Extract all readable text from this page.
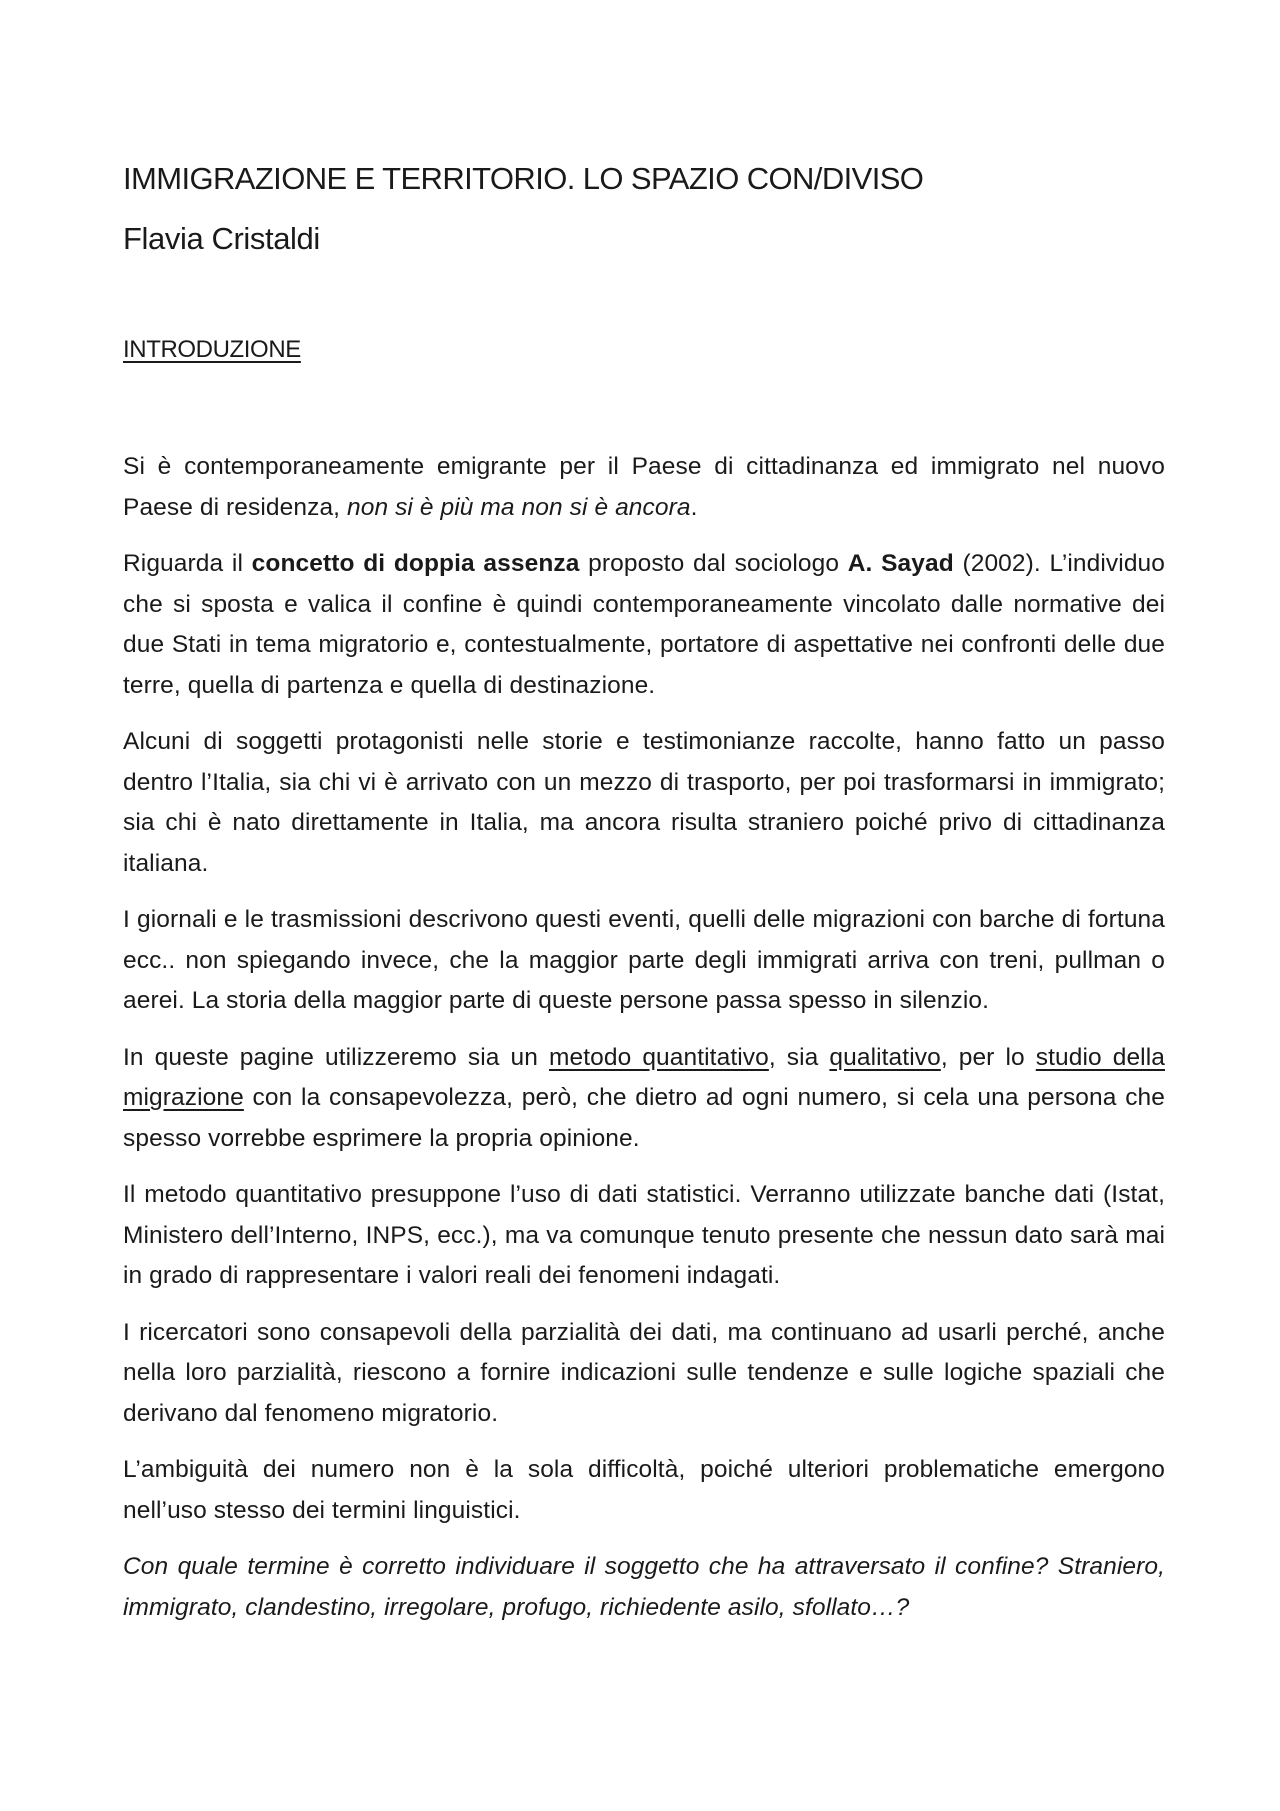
IMMIGRAZIONE E TERRITORIO. LO SPAZIO CON/DIVISO
Flavia Cristaldi
INTRODUZIONE

Si è contemporaneamente emigrante per il Paese di cittadinanza ed immigrato nel nuovo Paese di residenza, non si è più ma non si è ancora.

Riguarda il concetto di doppia assenza proposto dal sociologo A. Sayad (2002). L’individuo che si sposta e valica il confine è quindi contemporaneamente vincolato dalle normative dei due Stati in tema migratorio e, contestualmente, portatore di aspettative nei confronti delle due terre, quella di partenza e quella di destinazione.

Alcuni di soggetti protagonisti nelle storie e testimonianze raccolte, hanno fatto un passo dentro l’Italia, sia chi vi è arrivato con un mezzo di trasporto, per poi trasformarsi in immigrato; sia chi è nato direttamente in Italia, ma ancora risulta straniero poiché privo di cittadinanza italiana.

I giornali e le trasmissioni descrivono questi eventi, quelli delle migrazioni con barche di fortuna ecc.. non spiegando invece, che la maggior parte degli immigrati arriva con treni, pullman o aerei. La storia della maggior parte di queste persone passa spesso in silenzio.

In queste pagine utilizzeremo sia un metodo quantitativo, sia qualitativo, per lo studio della migrazione con la consapevolezza, però, che dietro ad ogni numero, si cela una persona che spesso vorrebbe esprimere la propria opinione.

Il metodo quantitativo presuppone l’uso di dati statistici. Verranno utilizzate banche dati (Istat, Ministero dell’Interno, INPS, ecc.), ma va comunque tenuto presente che nessun dato sarà mai in grado di rappresentare i valori reali dei fenomeni indagati.

I ricercatori sono consapevoli della parzialità dei dati, ma continuano ad usarli perché, anche nella loro parzialità, riescono a fornire indicazioni sulle tendenze e sulle logiche spaziali che derivano dal fenomeno migratorio.

L’ambiguità dei numero non è la sola difficoltà, poiché ulteriori problematiche emergono nell’uso stesso dei termini linguistici.

Con quale termine è corretto individuare il soggetto che ha attraversato il confine? Straniero, immigrato, clandestino, irregolare, profugo, richiedente asilo, sfollato…?
